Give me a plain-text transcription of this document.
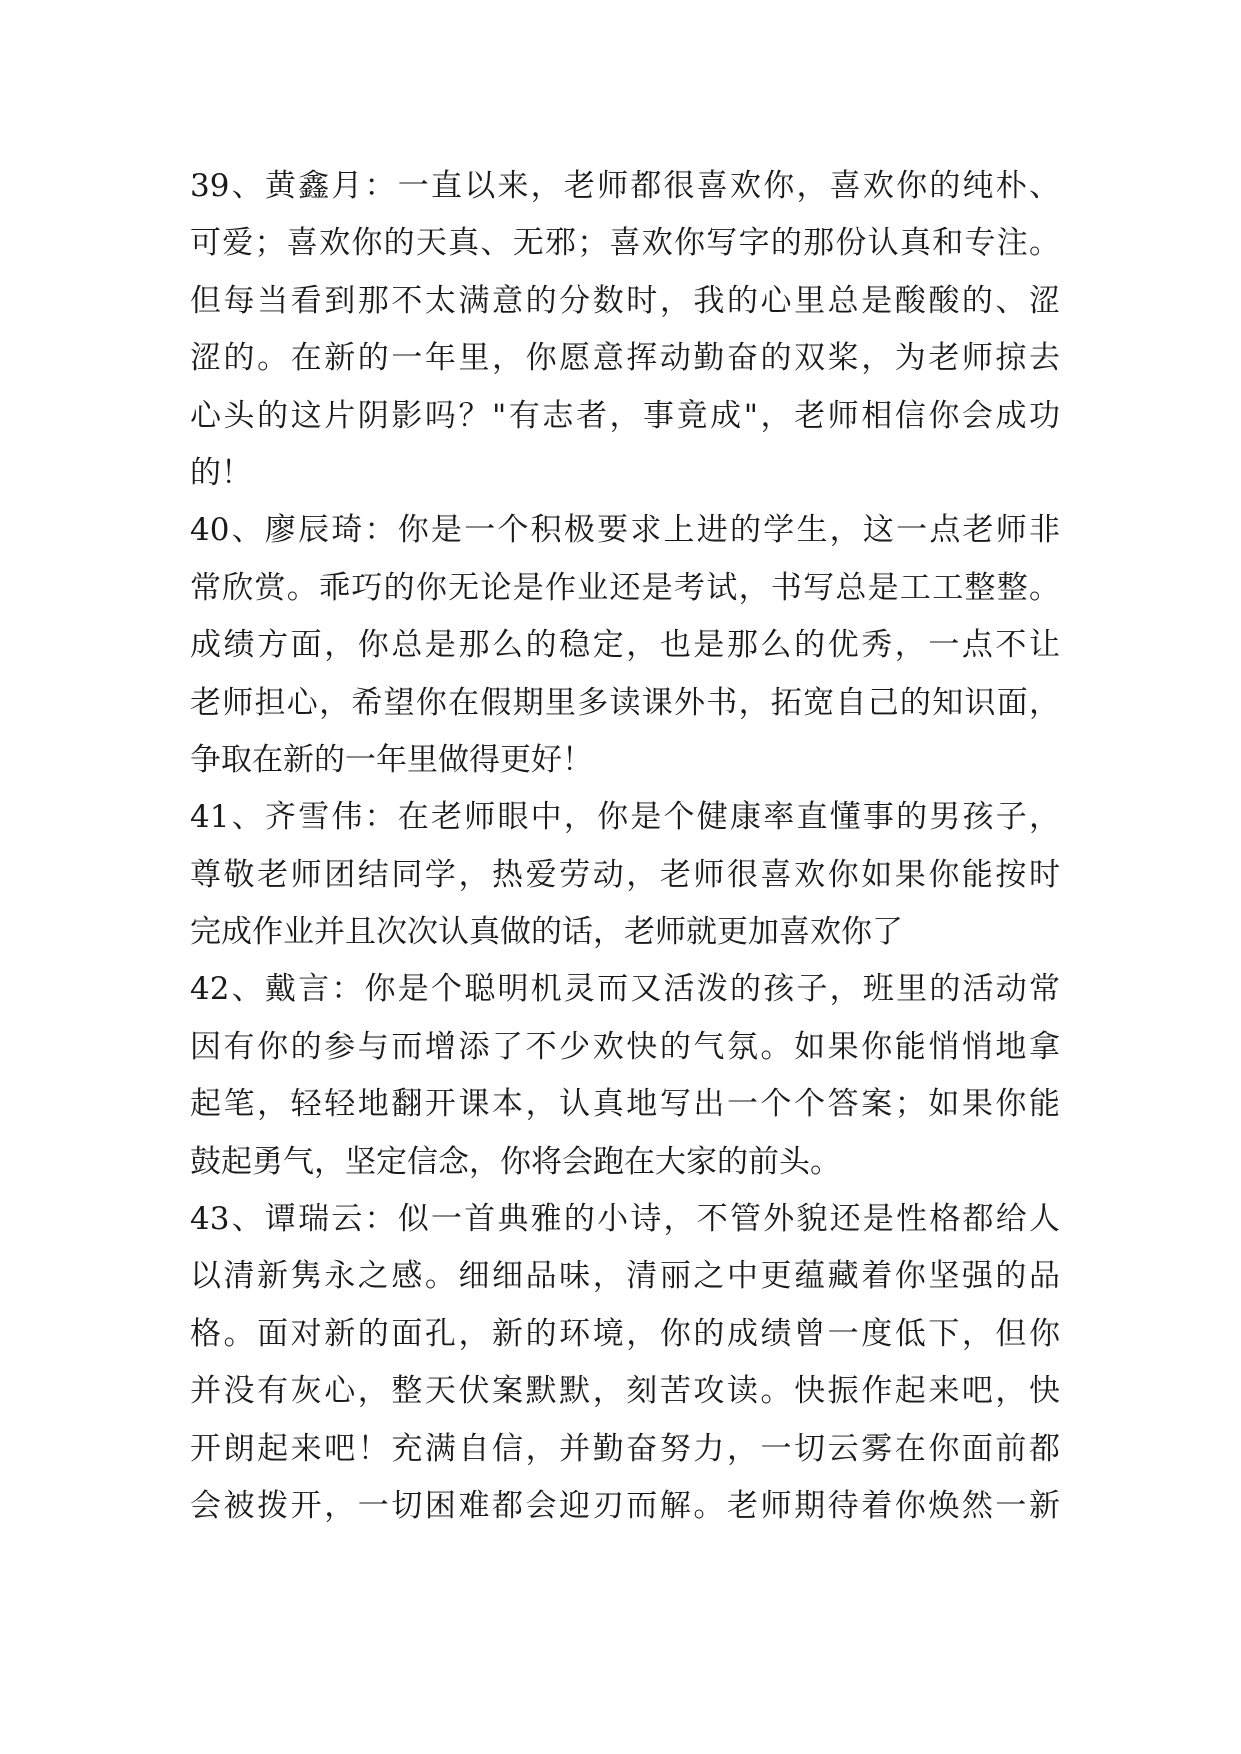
39、黄鑫月：一直以来，老师都很喜欢你，喜欢你的纯朴、
可爱；喜欢你的天真、无邪；喜欢你写字的那份认真和专注。
但每当看到那不太满意的分数时，我的心里总是酸酸的、涩
涩的。在新的一年里，你愿意挥动勤奋的双桨，为老师掠去
心头的这片阴影吗？"有志者，事竟成"，老师相信你会成功
的！
40、廖辰琦：你是一个积极要求上进的学生，这一点老师非
常欣赏。乖巧的你无论是作业还是考试，书写总是工工整整。
成绩方面，你总是那么的稳定，也是那么的优秀，一点不让
老师担心，希望你在假期里多读课外书，拓宽自己的知识面，
争取在新的一年里做得更好！
41、齐雪伟：在老师眼中，你是个健康率直懂事的男孩子，
尊敬老师团结同学，热爱劳动，老师很喜欢你如果你能按时
完成作业并且次次认真做的话，老师就更加喜欢你了
42、戴言：你是个聪明机灵而又活泼的孩子，班里的活动常
因有你的参与而增添了不少欢快的气氛。如果你能悄悄地拿
起笔，轻轻地翻开课本，认真地写出一个个答案；如果你能
鼓起勇气，坚定信念，你将会跑在大家的前头。
43、谭瑞云：似一首典雅的小诗，不管外貌还是性格都给人
以清新隽永之感。细细品味，清丽之中更蕴藏着你坚强的品
格。面对新的面孔，新的环境，你的成绩曾一度低下，但你
并没有灰心，整天伏案默默，刻苦攻读。快振作起来吧，快
开朗起来吧！充满自信，并勤奋努力，一切云雾在你面前都
会被拨开，一切困难都会迎刃而解。老师期待着你焕然一新
